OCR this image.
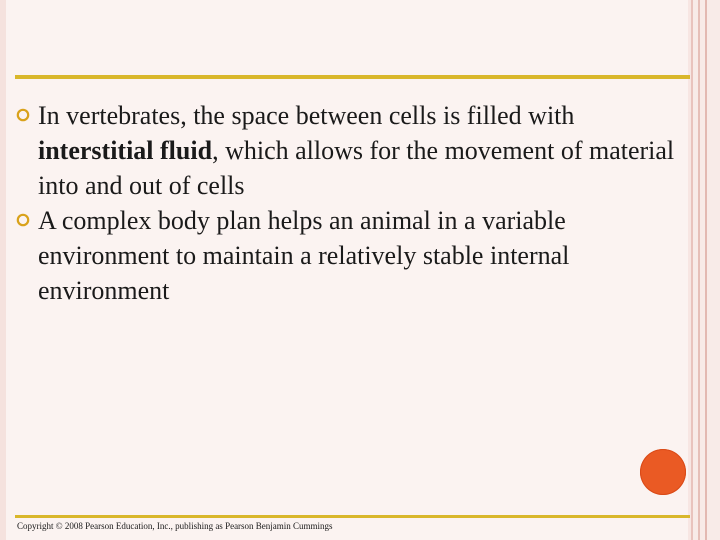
In vertebrates, the space between cells is filled with interstitial fluid, which allows for the movement of material into and out of cells

A complex body plan helps an animal in a variable environment to maintain a relatively stable internal environment

Copyright © 2008 Pearson Education, Inc., publishing as Pearson Benjamin Cummings
